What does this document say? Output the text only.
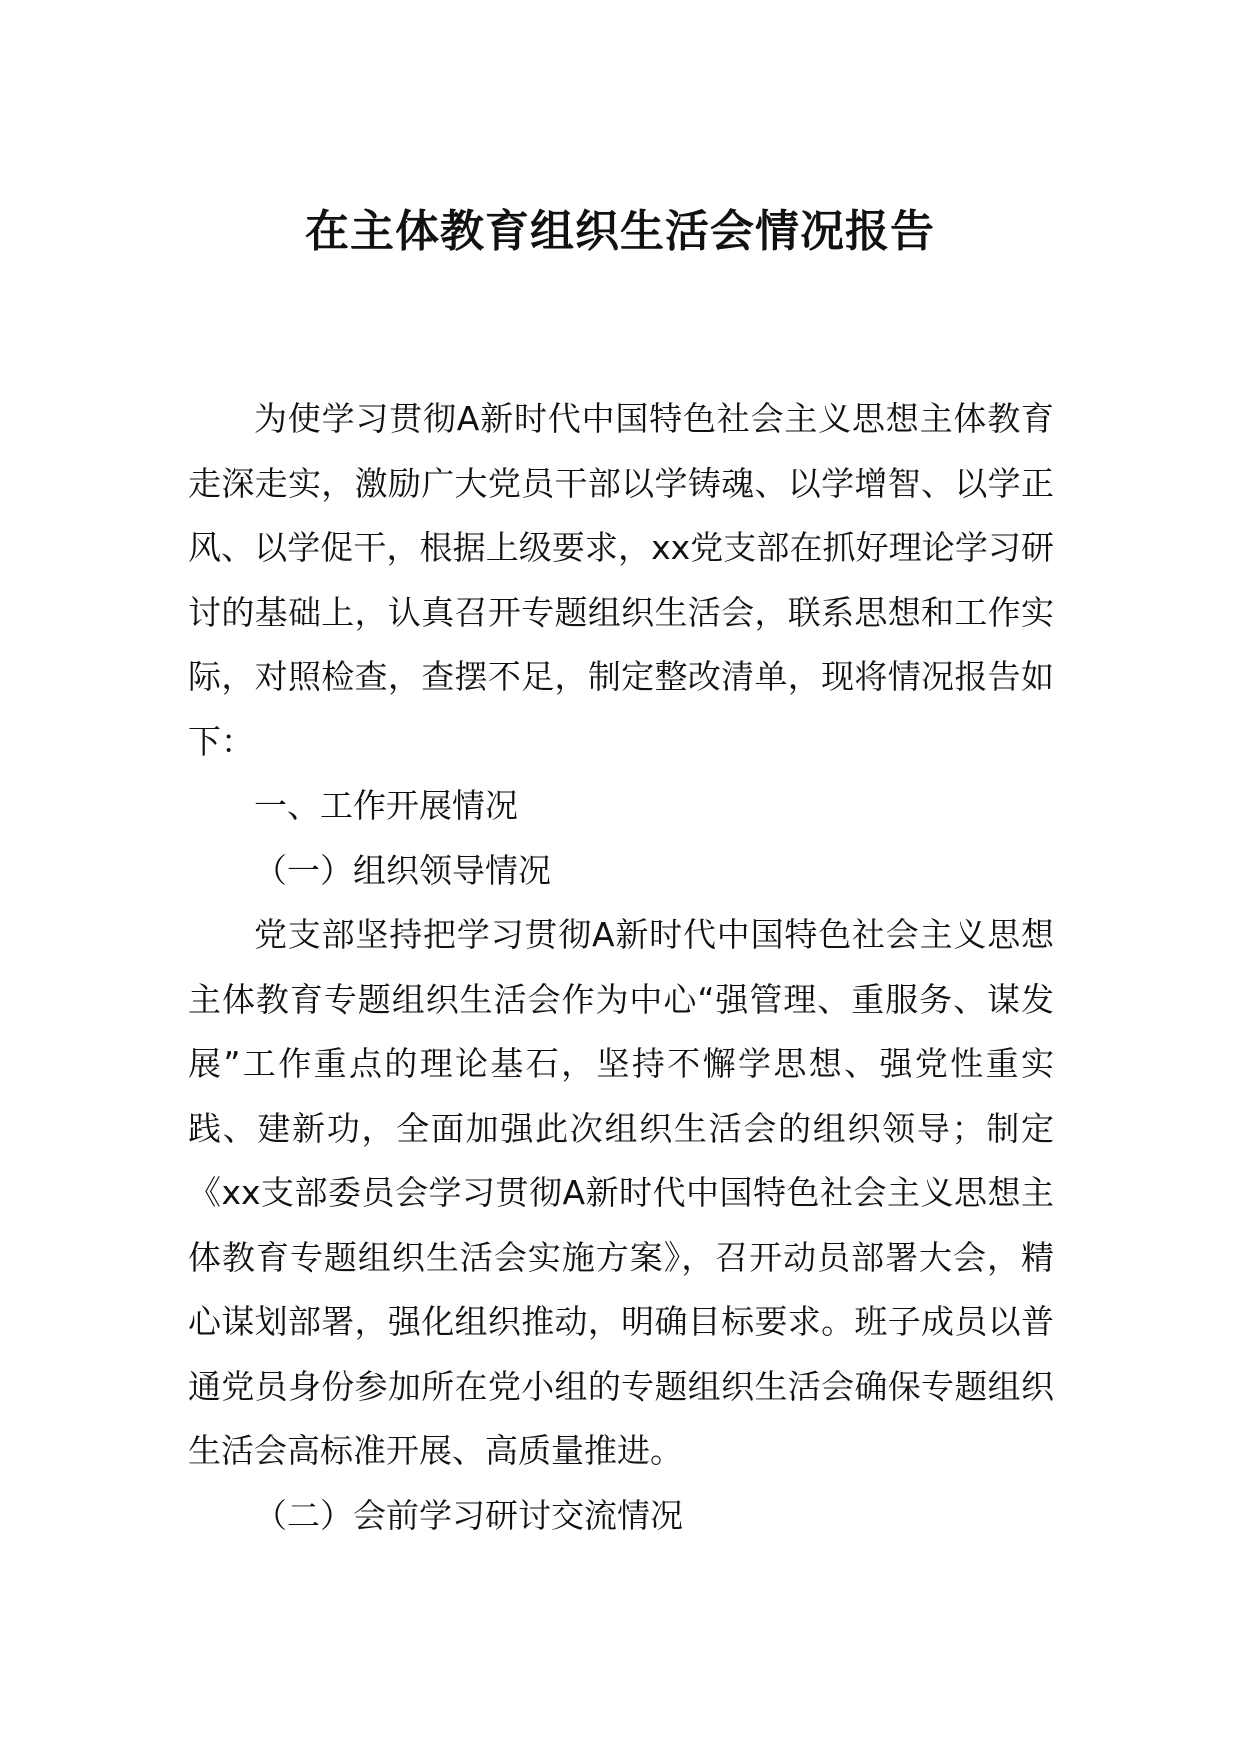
在主体教育组织生活会情况报告

为使学习贯彻A新时代中国特色社会主义思想主体教育走深走实，激励广大党员干部以学铸魂、以学增智、以学正风、以学促干，根据上级要求，xx党支部在抓好理论学习研讨的基础上，认真召开专题组织生活会，联系思想和工作实际，对照检查，查摆不足，制定整改清单，现将情况报告如下：

一、工作开展情况

（一）组织领导情况

党支部坚持把学习贯彻A新时代中国特色社会主义思想主体教育专题组织生活会作为中心“强管理、重服务、谋发展”工作重点的理论基石，坚持不懈学思想、强党性重实践、建新功，全面加强此次组织生活会的组织领导；制定《xx支部委员会学习贯彻A新时代中国特色社会主义思想主体教育专题组织生活会实施方案》，召开动员部署大会，精心谋划部署，强化组织推动，明确目标要求。班子成员以普通党员身份参加所在党小组的专题组织生活会确保专题组织生活会高标准开展、高质量推进。

（二）会前学习研讨交流情况
